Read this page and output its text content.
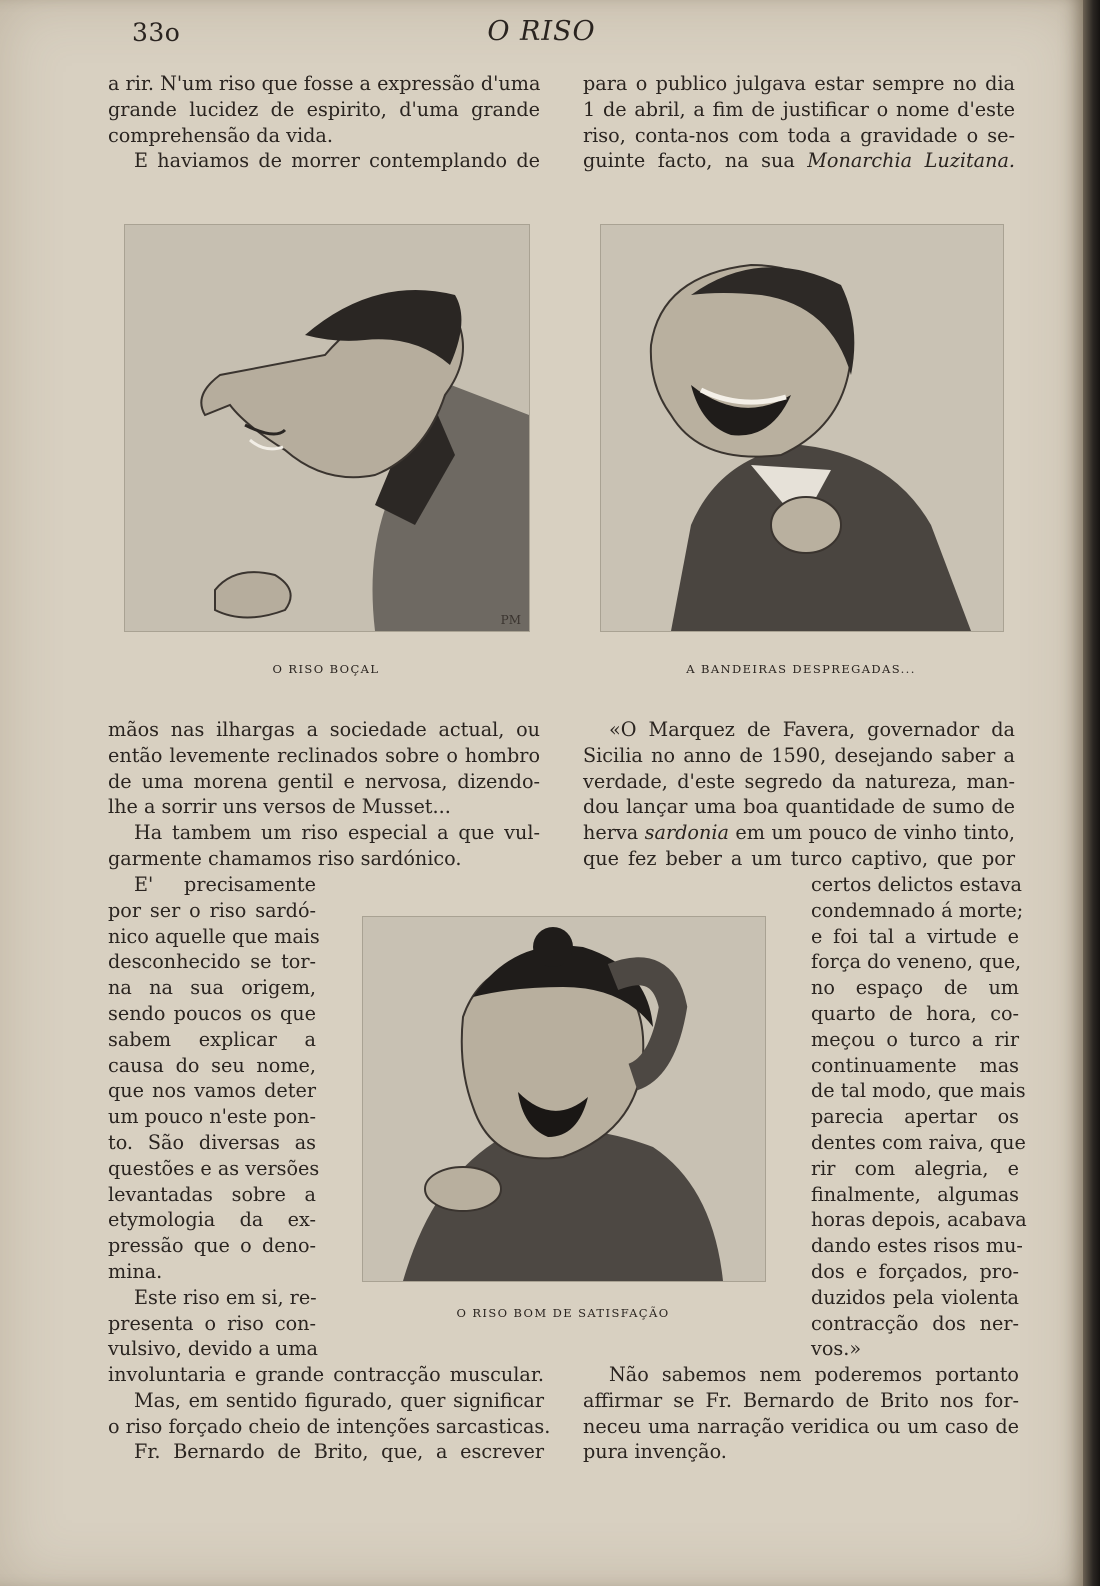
33o	O RISO
a rir. N'um riso que fosse a expressão d'uma
grande lucidez de espirito, d'uma grande
comprehensão da vida.
E haviamos de morrer contemplando de
para o publico julgava estar sempre no dia
1 de abril, a fim de justificar o nome d'este
riso, conta-nos com toda a gravidade o se-
guinte facto, na sua Monarchia Luzitana.
PM
O RISO BOÇAL	A BANDEIRAS DESPREGADAS...
mãos nas ilhargas a sociedade actual, ou
então levemente reclinados sobre o hombro
de uma morena gentil e nervosa, dizendo-
lhe a sorrir uns versos de Musset...
Ha tambem um riso especial a que vul-
garmente chamamos riso sardónico.
E' precisamente
por ser o riso sardó-
nico aquelle que mais
desconhecido se tor-
na na sua origem,
sendo poucos os que
sabem explicar a
causa do seu nome,
que nos vamos deter
um pouco n'este pon-
to. São diversas as
questões e as versões
levantadas sobre a
etymologia da ex-
pressão que o deno-
mina.
Este riso em si, re-
presenta o riso con-
vulsivo, devido a uma
O RISO BOM DE SATISFAÇÃO
involuntaria e grande contracção muscular.
Mas, em sentido figurado, quer significar
o riso forçado cheio de intenções sarcasticas.
Fr. Bernardo de Brito, que, a escrever
«O Marquez de Favera, governador da
Sicilia no anno de 1590, desejando saber a
verdade, d'este segredo da natureza, man-
dou lançar uma boa quantidade de sumo de
herva sardonia em um pouco de vinho tinto,
que fez beber a um turco captivo, que por
certos delictos estava
condemnado á morte;
e foi tal a virtude e
força do veneno, que,
no espaço de um
quarto de hora, co-
meçou o turco a rir
continuamente mas
de tal modo, que mais
parecia apertar os
dentes com raiva, que
rir com alegria, e
finalmente, algumas
horas depois, acabava
dando estes risos mu-
dos e forçados, pro-
duzidos pela violenta
contracção dos ner-
vos.»
Não sabemos nem poderemos portanto
affirmar se Fr. Bernardo de Brito nos for-
neceu uma narração veridica ou um caso de
pura invenção.
